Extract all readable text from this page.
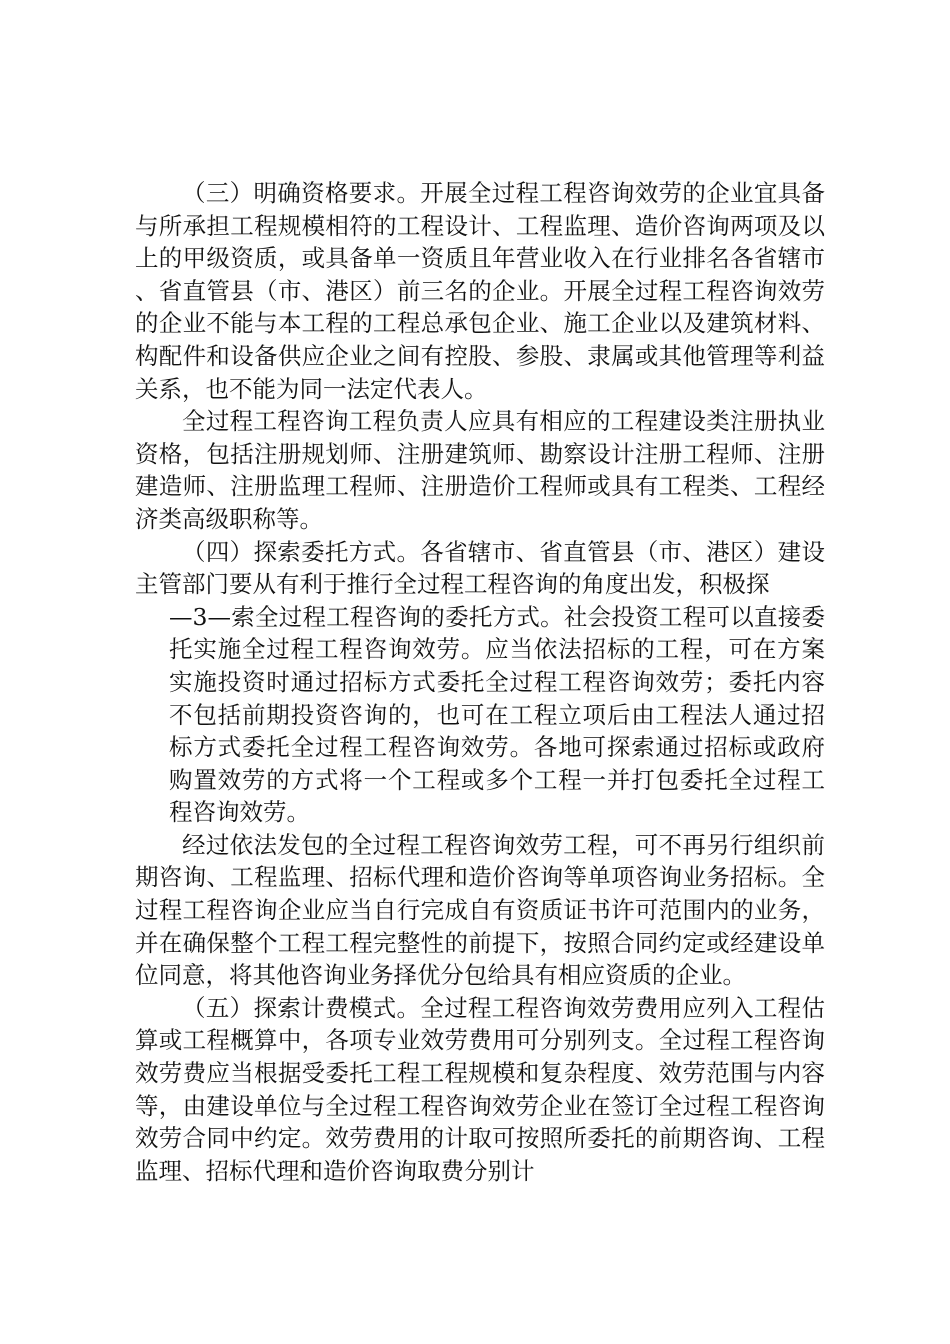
（三）明确资格要求。开展全过程工程咨询效劳的企业宜具备与所承担工程规模相符的工程设计、工程监理、造价咨询两项及以上的甲级资质，或具备单一资质且年营业收入在行业排名各省辖市、省直管县（市、港区）前三名的企业。开展全过程工程咨询效劳的企业不能与本工程的工程总承包企业、施工企业以及建筑材料、构配件和设备供应企业之间有控股、参股、隶属或其他管理等利益关系，也不能为同一法定代表人。

全过程工程咨询工程负责人应具有相应的工程建设类注册执业资格，包括注册规划师、注册建筑师、勘察设计注册工程师、注册建造师、注册监理工程师、注册造价工程师或具有工程类、工程经济类高级职称等。

（四）探索委托方式。各省辖市、省直管县（市、港区）建设主管部门要从有利于推行全过程工程咨询的角度出发，积极探

—3—索全过程工程咨询的委托方式。社会投资工程可以直接委托实施全过程工程咨询效劳。应当依法招标的工程，可在方案实施投资时通过招标方式委托全过程工程咨询效劳；委托内容不包括前期投资咨询的，也可在工程立项后由工程法人通过招标方式委托全过程工程咨询效劳。各地可探索通过招标或政府购置效劳的方式将一个工程或多个工程一并打包委托全过程工程咨询效劳。

经过依法发包的全过程工程咨询效劳工程，可不再另行组织前期咨询、工程监理、招标代理和造价咨询等单项咨询业务招标。全过程工程咨询企业应当自行完成自有资质证书许可范围内的业务，并在确保整个工程工程完整性的前提下，按照合同约定或经建设单位同意，将其他咨询业务择优分包给具有相应资质的企业。

（五）探索计费模式。全过程工程咨询效劳费用应列入工程估算或工程概算中，各项专业效劳费用可分别列支。全过程工程咨询效劳费应当根据受委托工程工程规模和复杂程度、效劳范围与内容等，由建设单位与全过程工程咨询效劳企业在签订全过程工程咨询效劳合同中约定。效劳费用的计取可按照所委托的前期咨询、工程监理、招标代理和造价咨询取费分别计
